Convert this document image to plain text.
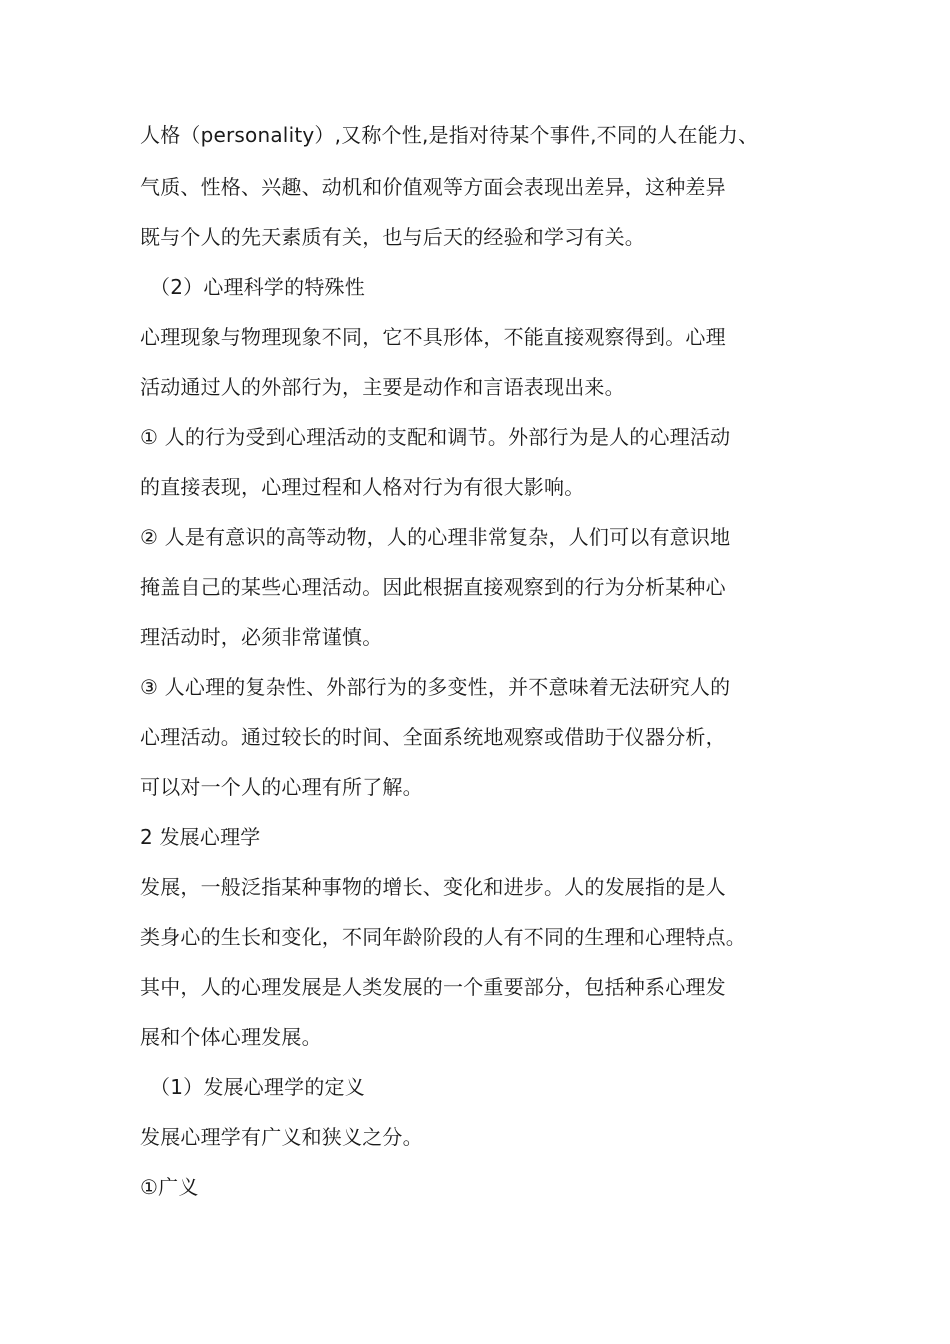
人格（personality）,又称个性,是指对待某个事件,不同的人在能力、
气质、性格、兴趣、动机和价值观等方面会表现出差异，这种差异
既与个人的先天素质有关，也与后天的经验和学习有关。
（2）心理科学的特殊性
心理现象与物理现象不同，它不具形体，不能直接观察得到。心理
活动通过人的外部行为，主要是动作和言语表现出来。
① 人的行为受到心理活动的支配和调节。外部行为是人的心理活动
的直接表现，心理过程和人格对行为有很大影响。
② 人是有意识的高等动物，人的心理非常复杂，人们可以有意识地
掩盖自己的某些心理活动。因此根据直接观察到的行为分析某种心
理活动时，必须非常谨慎。
③ 人心理的复杂性、外部行为的多变性，并不意味着无法研究人的
心理活动。通过较长的时间、全面系统地观察或借助于仪器分析，
可以对一个人的心理有所了解。
2 发展心理学
发展，一般泛指某种事物的增长、变化和进步。人的发展指的是人
类身心的生长和变化，不同年龄阶段的人有不同的生理和心理特点。
其中，人的心理发展是人类发展的一个重要部分，包括种系心理发
展和个体心理发展。
（1）发展心理学的定义
发展心理学有广义和狭义之分。
①广义
